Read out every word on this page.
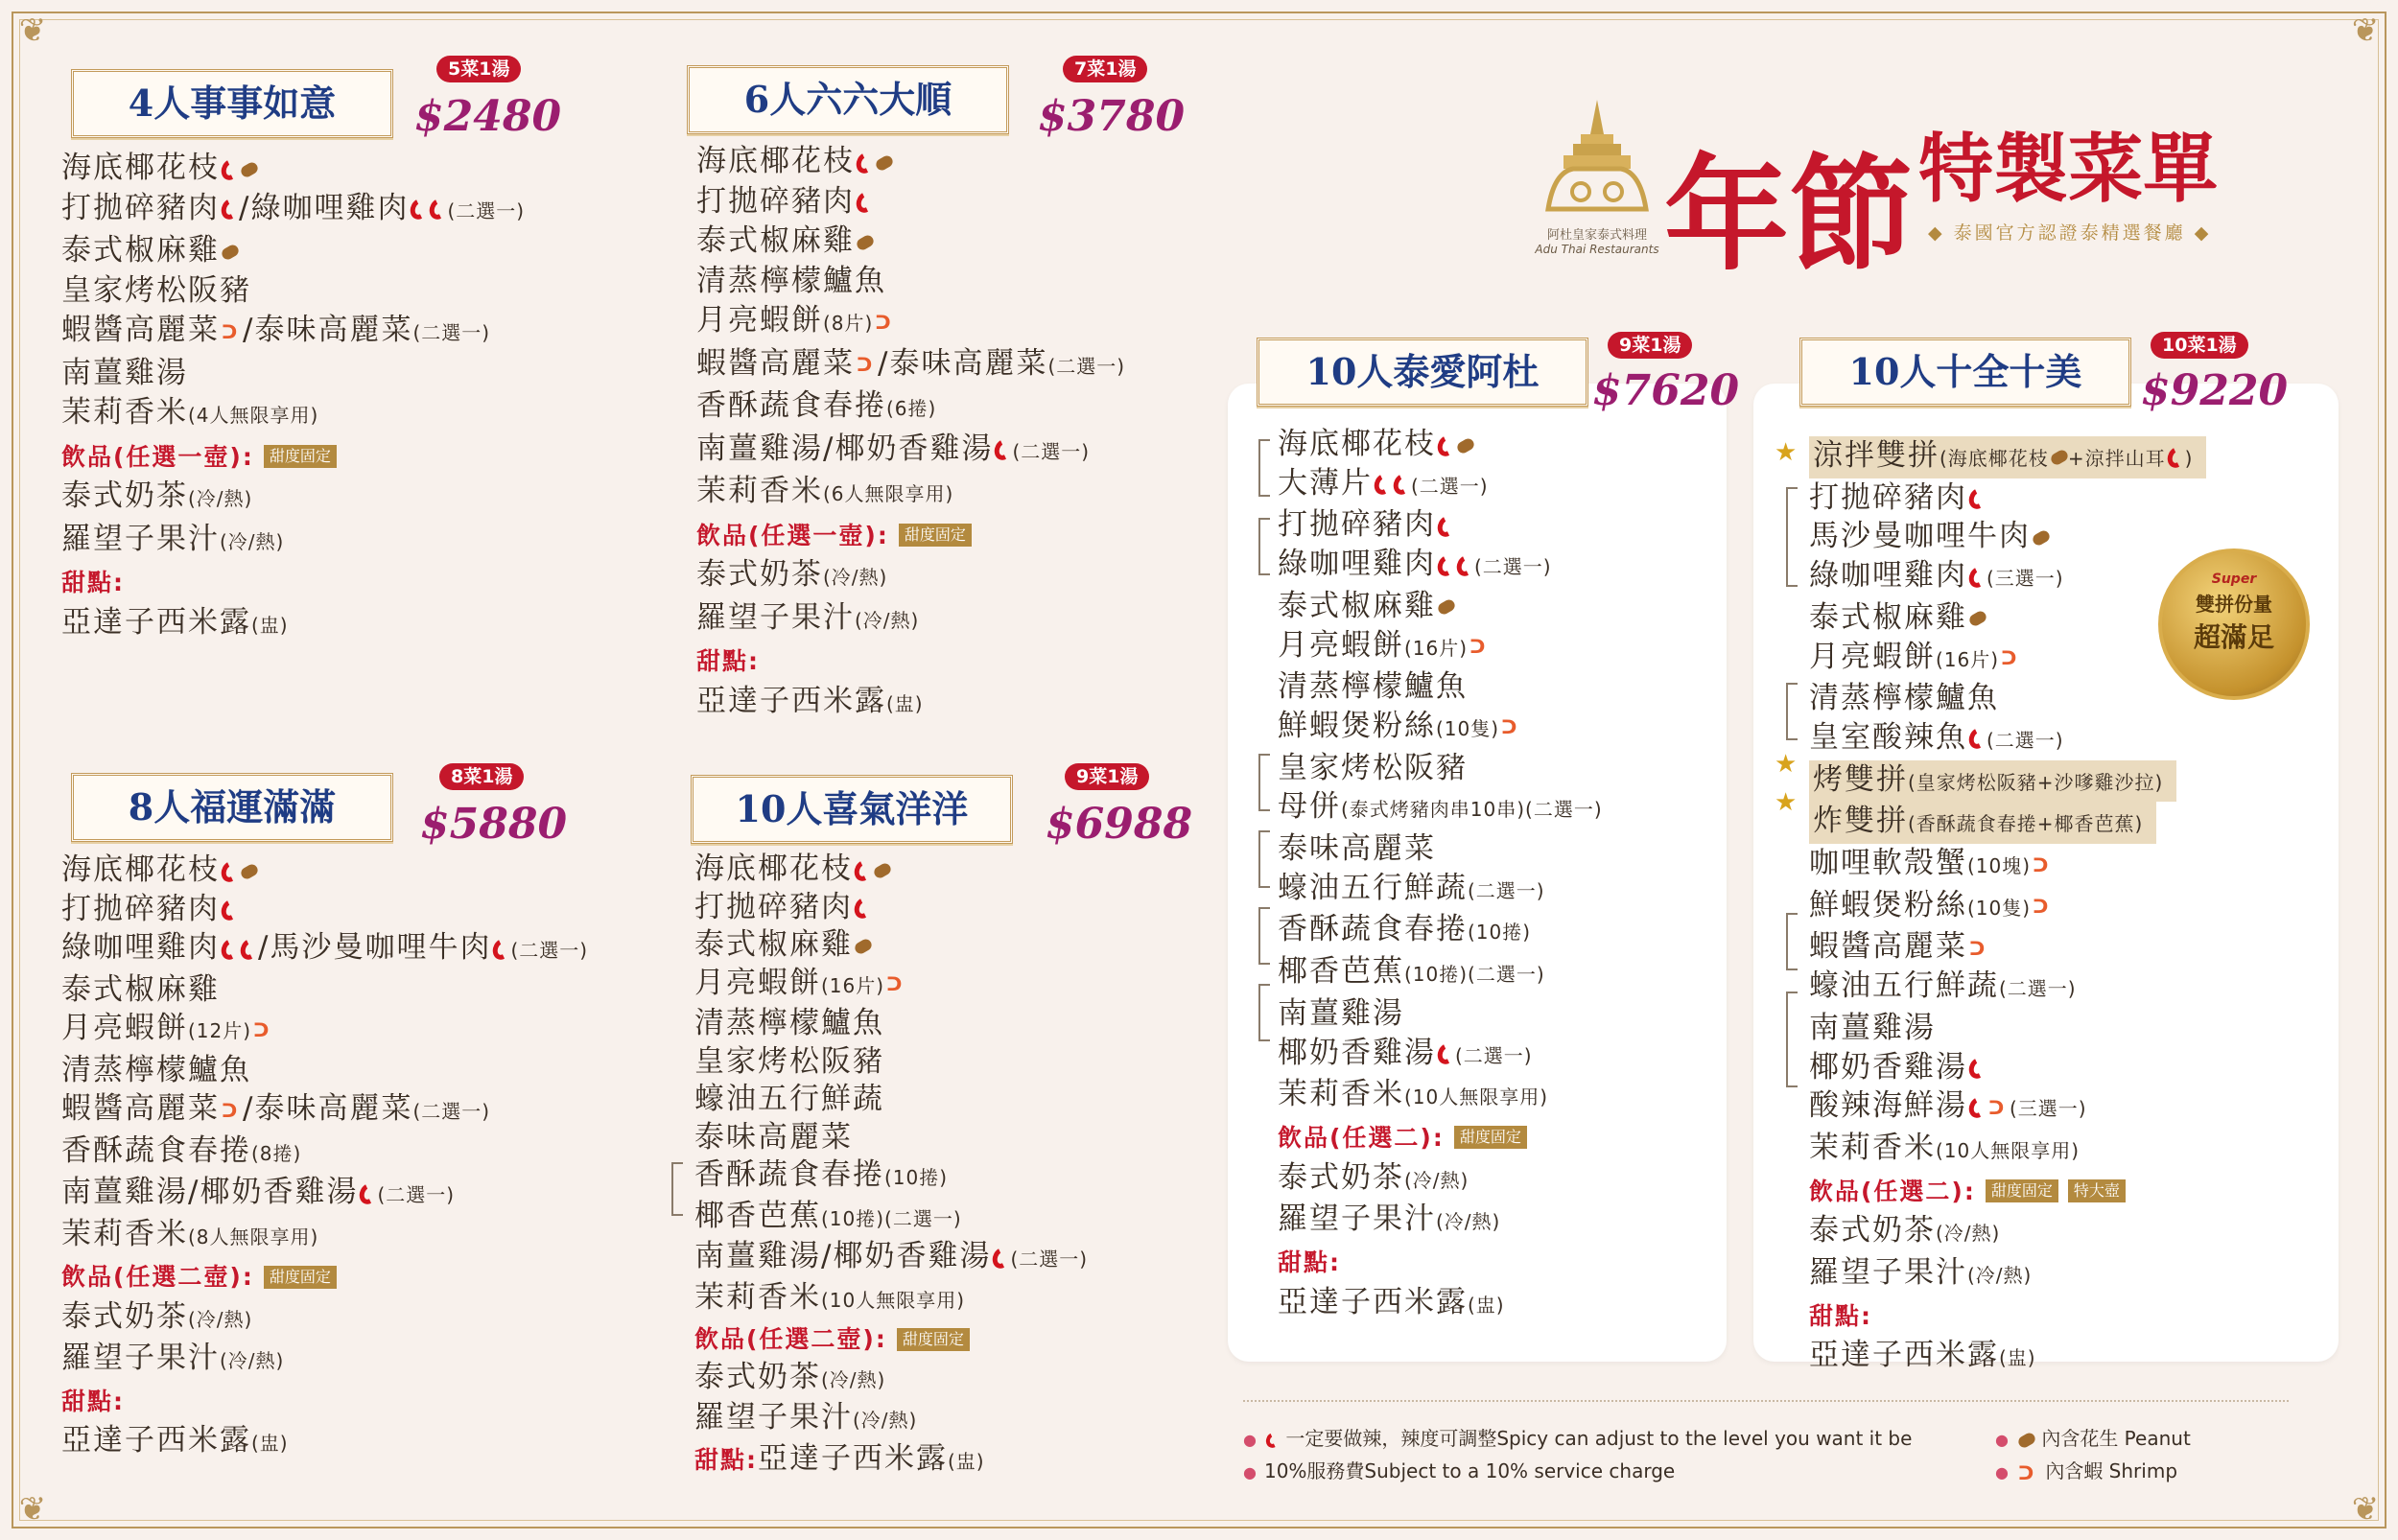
❦	❦
❦	❦
阿杜皇家泰式料理
Adu Thai Restaurants 年節 特製菜單
◆ 泰國官方認證泰精選餐廳 ◆
4人事事如意
5菜1湯
$2480
海底椰花枝
打拋碎豬肉 /綠咖哩雞肉 (二選一)
泰式椒麻雞
皇家烤松阪豬
蝦醬高麗菜 ᑐ /泰味高麗菜(二選一)
南薑雞湯
茉莉香米(4人無限享用)
飲品(任選一壺): 甜度固定
泰式奶茶(冷/熱)
羅望子果汁(冷/熱)
甜點:
亞達子西米露(盅)
6人六六大順
7菜1湯
$3780
海底椰花枝
打拋碎豬肉
泰式椒麻雞
清蒸檸檬鱸魚
月亮蝦餅(8片) ᑐ
蝦醬高麗菜 ᑐ /泰味高麗菜(二選一)
香酥蔬食春捲(6捲)
南薑雞湯/椰奶香雞湯 (二選一)
茉莉香米(6人無限享用)
飲品(任選一壺): 甜度固定
泰式奶茶(冷/熱)
羅望子果汁(冷/熱)
甜點:
亞達子西米露(盅)
8人福運滿滿
8菜1湯
$5880
海底椰花枝
打拋碎豬肉
綠咖哩雞肉 /馬沙曼咖哩牛肉 (二選一)
泰式椒麻雞
月亮蝦餅(12片) ᑐ
清蒸檸檬鱸魚
蝦醬高麗菜 ᑐ /泰味高麗菜(二選一)
香酥蔬食春捲(8捲)
南薑雞湯/椰奶香雞湯 (二選一)
茉莉香米(8人無限享用)
飲品(任選二壺): 甜度固定
泰式奶茶(冷/熱)
羅望子果汁(冷/熱)
甜點:
亞達子西米露(盅)
10人喜氣洋洋
9菜1湯
$6988
海底椰花枝
打拋碎豬肉
泰式椒麻雞
月亮蝦餅(16片) ᑐ
清蒸檸檬鱸魚
皇家烤松阪豬
蠔油五行鮮蔬
泰味高麗菜
香酥蔬食春捲(10捲)
椰香芭蕉(10捲)(二選一)
南薑雞湯/椰奶香雞湯 (二選一)
茉莉香米(10人無限享用)
飲品(任選二壺): 甜度固定
泰式奶茶(冷/熱)
羅望子果汁(冷/熱)
甜點:亞達子西米露(盅)
10人泰愛阿杜
9菜1湯
$7620
海底椰花枝
大薄片 (二選一)
打拋碎豬肉
綠咖哩雞肉 (二選一)
泰式椒麻雞
月亮蝦餅(16片) ᑐ
清蒸檸檬鱸魚
鮮蝦煲粉絲(10隻) ᑐ
皇家烤松阪豬
母併(泰式烤豬肉串10串)(二選一)
泰味高麗菜
蠔油五行鮮蔬(二選一)
香酥蔬食春捲(10捲)
椰香芭蕉(10捲)(二選一)
南薑雞湯
椰奶香雞湯 (二選一)
茉莉香米(10人無限享用)
飲品(任選二): 甜度固定
泰式奶茶(冷/熱)
羅望子果汁(冷/熱)
甜點:
亞達子西米露(盅)
10人十全十美
10菜1湯
$9220
★
★
★
涼拌雙拼(海底椰花枝 +涼拌山耳 )
打拋碎豬肉
馬沙曼咖哩牛肉
綠咖哩雞肉 (三選一)
泰式椒麻雞
月亮蝦餅(16片) ᑐ
清蒸檸檬鱸魚
皇室酸辣魚 (二選一)
烤雙拼(皇家烤松阪豬+沙嗲雞沙拉)
炸雙拼(香酥蔬食春捲+椰香芭蕉)
咖哩軟殼蟹(10塊) ᑐ
鮮蝦煲粉絲(10隻) ᑐ
蝦醬高麗菜 ᑐ
蠔油五行鮮蔬(二選一)
南薑雞湯
椰奶香雞湯
酸辣海鮮湯 ᑐ (三選一)
茉莉香米(10人無限享用)
飲品(任選二): 甜度固定 特大壺
泰式奶茶(冷/熱)
羅望子果汁(冷/熱)
甜點:
亞達子西米露(盅)
Super
雙拼份量
超滿足
● 一定要做辣，辣度可調整Spicy can adjust to the level you want it be
● 10%服務費Subject to a 10% service charge
● 內含花生 Peanut
● ᑐ 內含蝦 Shrimp
